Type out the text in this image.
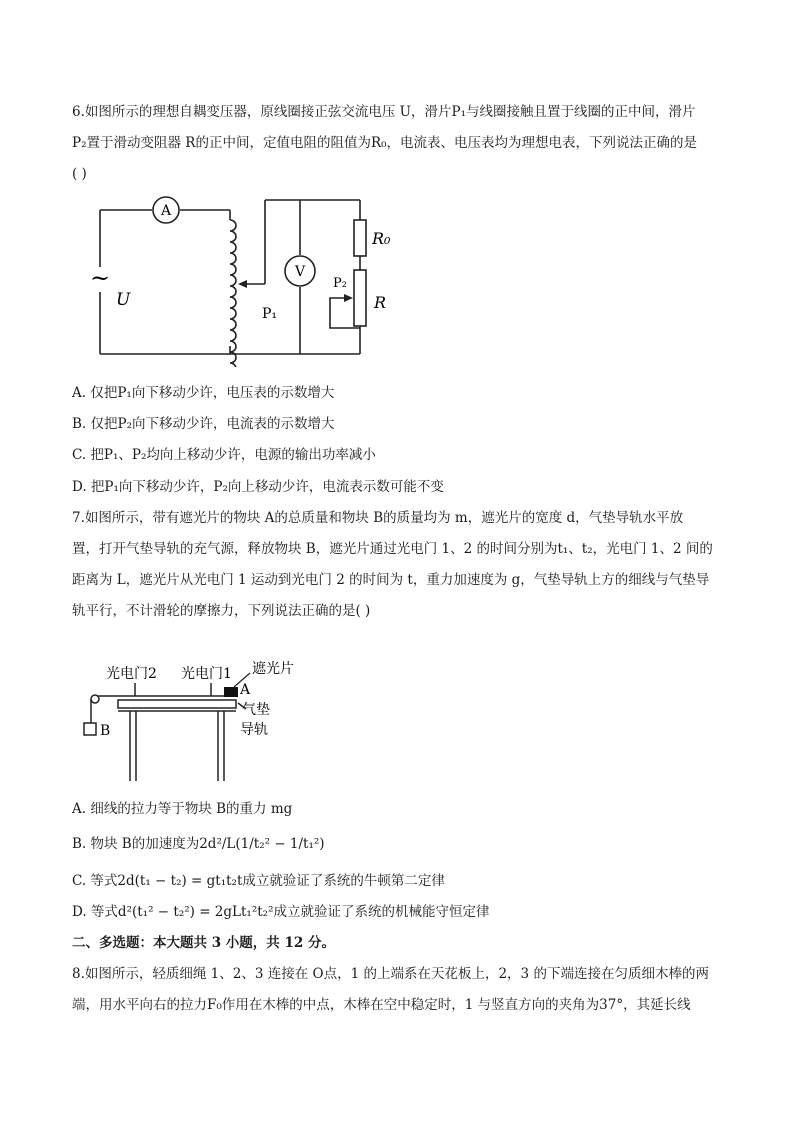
6.如图所示的理想自耦变压器，原线圈接正弦交流电压 U，滑片P₁与线圈接触且置于线圈的正中间，滑片
P₂置于滑动变阻器 R的正中间，定值电阻的阻值为R₀，电流表、电压表均为理想电表，下列说法正确的是
( )
A
V
~
U
P₁
P₂
R₀
R
A. 仅把P₁向下移动少许，电压表的示数增大
B. 仅把P₂向下移动少许，电流表的示数增大
C. 把P₁、P₂均向上移动少许，电源的输出功率减小
D. 把P₁向下移动少许，P₂向上移动少许，电流表示数可能不变
7.如图所示，带有遮光片的物块 A的总质量和物块 B的质量均为 m，遮光片的宽度 d，气垫导轨水平放
置，打开气垫导轨的充气源，释放物块 B，遮光片通过光电门 1、2 的时间分别为t₁、t₂，光电门 1、2 间的
距离为 L，遮光片从光电门 1 运动到光电门 2 的时间为 t，重力加速度为 g，气垫导轨上方的细线与气垫导
轨平行，不计滑轮的摩擦力，下列说法正确的是( )
光电门2 光电门1 遮光片
A
B
气垫
导轨
A. 细线的拉力等于物块 B的重力 mg
B. 物块 B的加速度为2d²/L(1/t₂² − 1/t₁²)
C. 等式2d(t₁ − t₂) = gt₁t₂t成立就验证了系统的牛顿第二定律
D. 等式d²(t₁² − t₂²) = 2gLt₁²t₂²成立就验证了系统的机械能守恒定律
二、多选题：本大题共 3 小题，共 12 分。
8.如图所示，轻质细绳 1、2、3 连接在 O点，1 的上端系在天花板上，2，3 的下端连接在匀质细木棒的两
端，用水平向右的拉力F₀作用在木棒的中点，木棒在空中稳定时，1 与竖直方向的夹角为37°，其延长线
